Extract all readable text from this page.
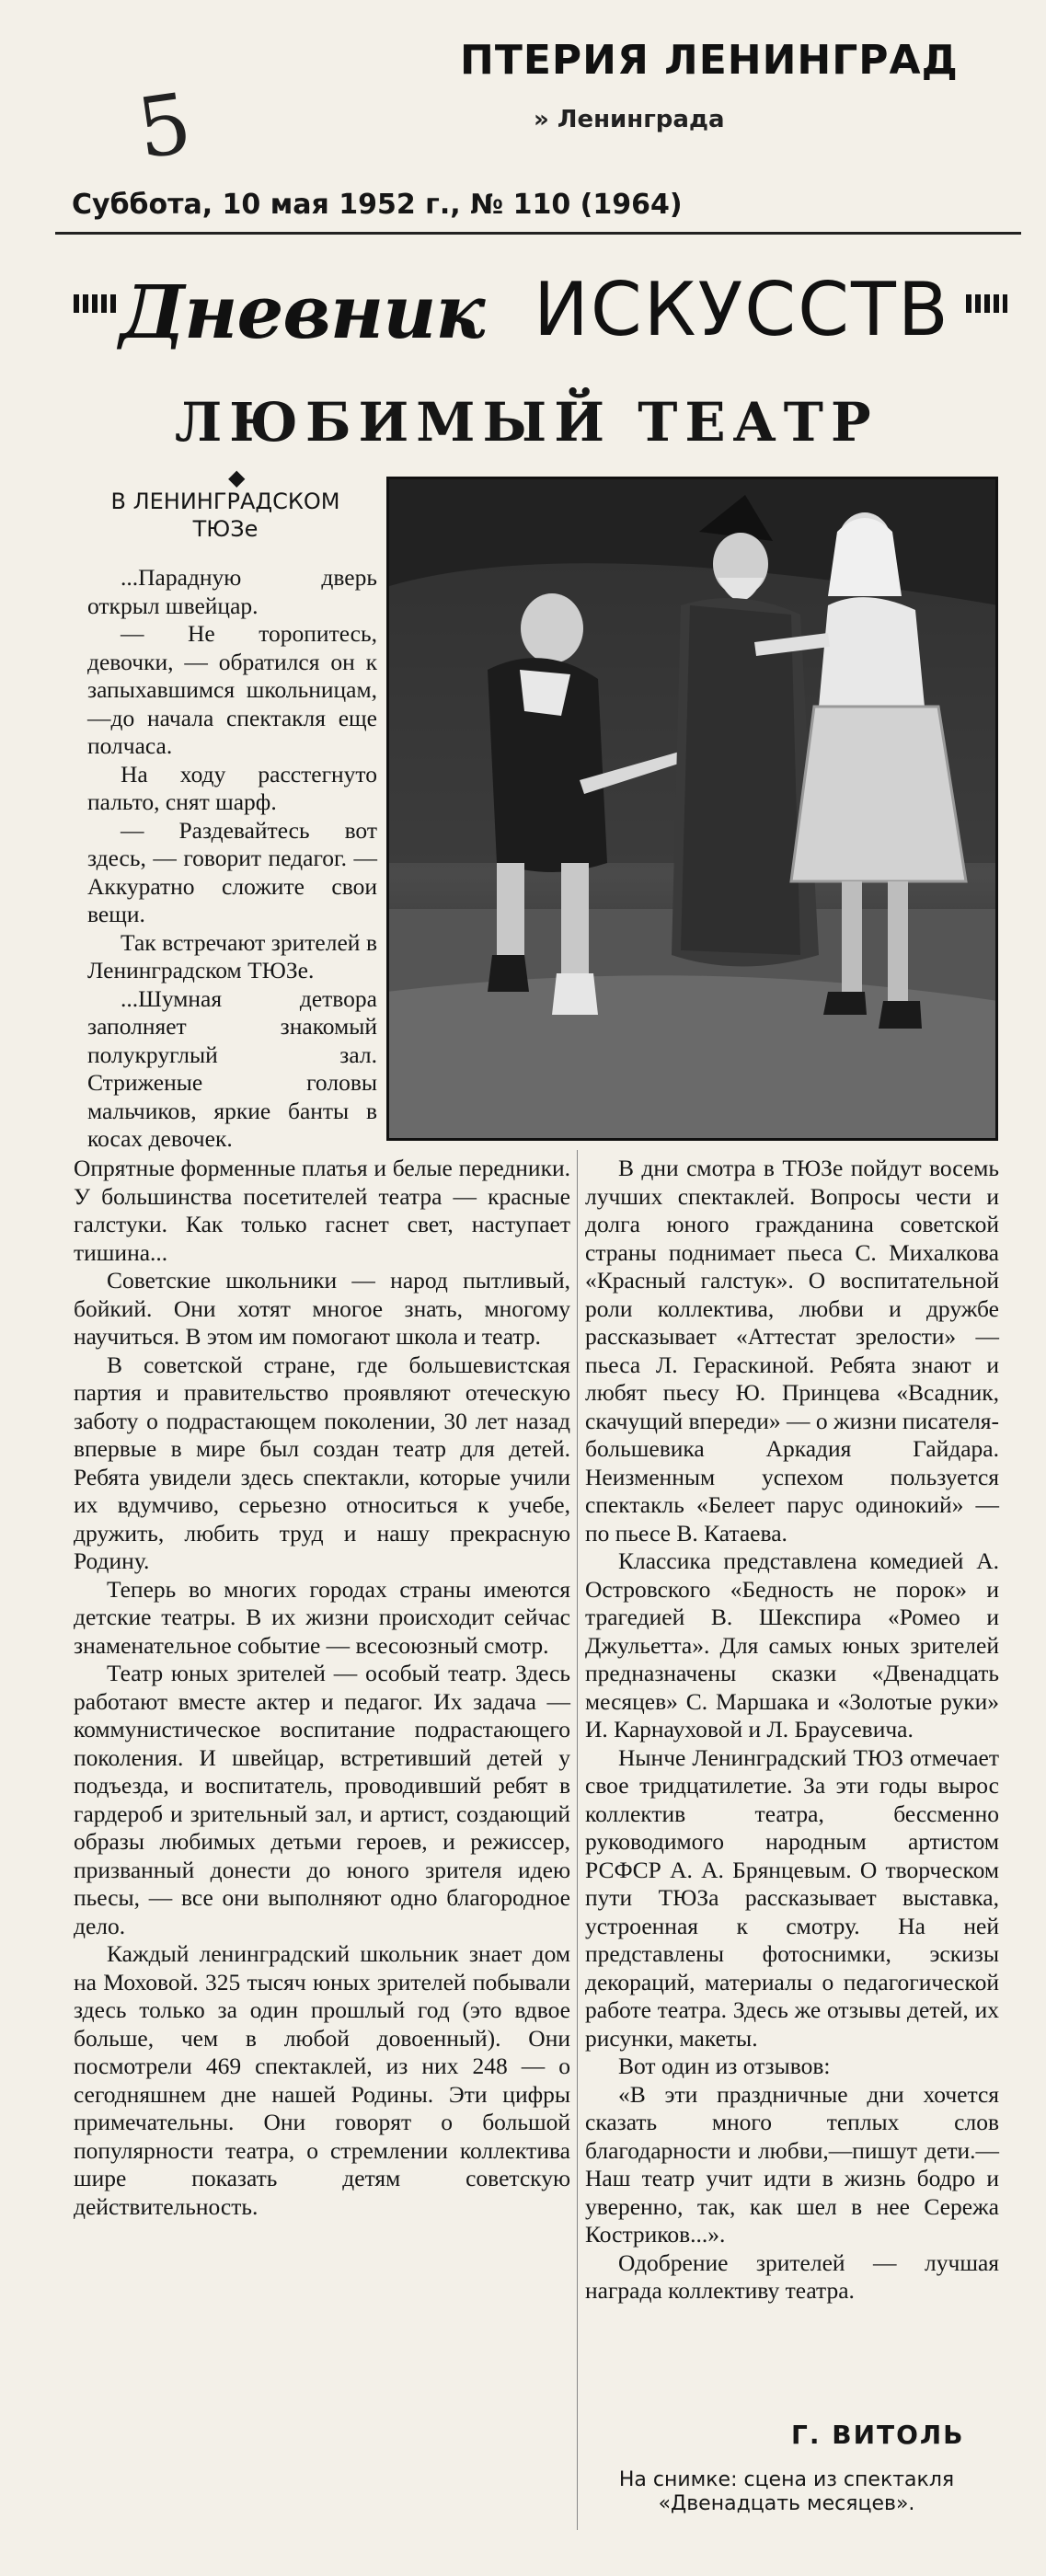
5
ПТЕРИЯ ЛЕНИНГРАД
» Ленинграда
Суббота, 10 мая 1952 г., № 110 (1964)
Дневник ИСКУССТВ
ЛЮБИМЫЙ ТЕАТР
◆
В ЛЕНИНГРАДСКОМ ТЮЗе

...Парадную дверь открыл швейцар.

— Не торопитесь, девочки, — обратился он к запыхавшимся школьницам,—до начала спектакля еще полчаса.

На ходу расстегнуто пальто, снят шарф.

— Раздевайтесь вот здесь, — говорит педагог. — Аккуратно сложите свои вещи.

Так встречают зрителей в Ленинградском ТЮЗе.

...Шумная детвора заполняет знакомый полукруглый зал. Стриженые головы мальчиков, яркие банты в косах девочек.

Опрятные форменные платья и белые передники. У большинства посетителей театра — красные галстуки. Как только гаснет свет, наступает тишина...

Советские школьники — народ пытливый, бойкий. Они хотят многое знать, многому научиться. В этом им помогают школа и театр.

В советской стране, где большевистская партия и правительство проявляют отеческую заботу о подрастающем поколении, 30 лет назад впервые в мире был создан театр для детей. Ребята увидели здесь спектакли, которые учили их вдумчиво, серьезно относиться к учебе, дружить, любить труд и нашу прекрасную Родину.

Теперь во многих городах страны имеются детские театры. В их жизни происходит сейчас знаменательное событие — всесоюзный смотр.

Театр юных зрителей — особый театр. Здесь работают вместе актер и педагог. Их задача — коммунистическое воспитание подрастающего поколения. И швейцар, встретивший детей у подъезда, и воспитатель, проводивший ребят в гардероб и зрительный зал, и артист, создающий образы любимых детьми героев, и режиссер, призванный донести до юного зрителя идею пьесы, — все они выполняют одно благородное дело.

Каждый ленинградский школьник знает дом на Моховой. 325 тысяч юных зрителей побывали здесь только за один прошлый год (это вдвое больше, чем в любой довоенный). Они посмотрели 469 спектаклей, из них 248 — о сегодняшнем дне нашей Родины. Эти цифры примечательны. Они говорят о большой популярности театра, о стремлении коллектива шире показать детям советскую действительность.

В дни смотра в ТЮЗе пойдут восемь лучших спектаклей. Вопросы чести и долга юного гражданина советской страны поднимает пьеса С. Михалкова «Красный галстук». О воспитательной роли коллектива, любви и дружбе рассказывает «Аттестат зрелости» — пьеса Л. Гераскиной. Ребята знают и любят пьесу Ю. Принцева «Всадник, скачущий впереди» — о жизни писателя-большевика Аркадия Гайдара. Неизменным успехом пользуется спектакль «Белеет парус одинокий» — по пьесе В. Катаева.

Классика представлена комедией А. Островского «Бедность не порок» и трагедией В. Шекспира «Ромео и Джульетта». Для самых юных зрителей предназначены сказки «Двенадцать месяцев» С. Маршака и «Золотые руки» И. Карнауховой и Л. Браусевича.

Нынче Ленинградский ТЮЗ отмечает свое тридцатилетие. За эти годы вырос коллектив театра, бессменно руководимого народным артистом РСФСР А. А. Брянцевым. О творческом пути ТЮЗа рассказывает выставка, устроенная к смотру. На ней представлены фотоснимки, эскизы декораций, материалы о педагогической работе театра. Здесь же отзывы детей, их рисунки, макеты.

Вот один из отзывов:

«В эти праздничные дни хочется сказать много теплых слов благодарности и любви,—пишут дети.— Наш театр учит идти в жизнь бодро и уверенно, так, как шел в нее Сережа Костриков...».

Одобрение зрителей — лучшая награда коллективу театра.

Г. ВИТОЛЬ
На снимке: сцена из спектакля «Двенадцать месяцев».
